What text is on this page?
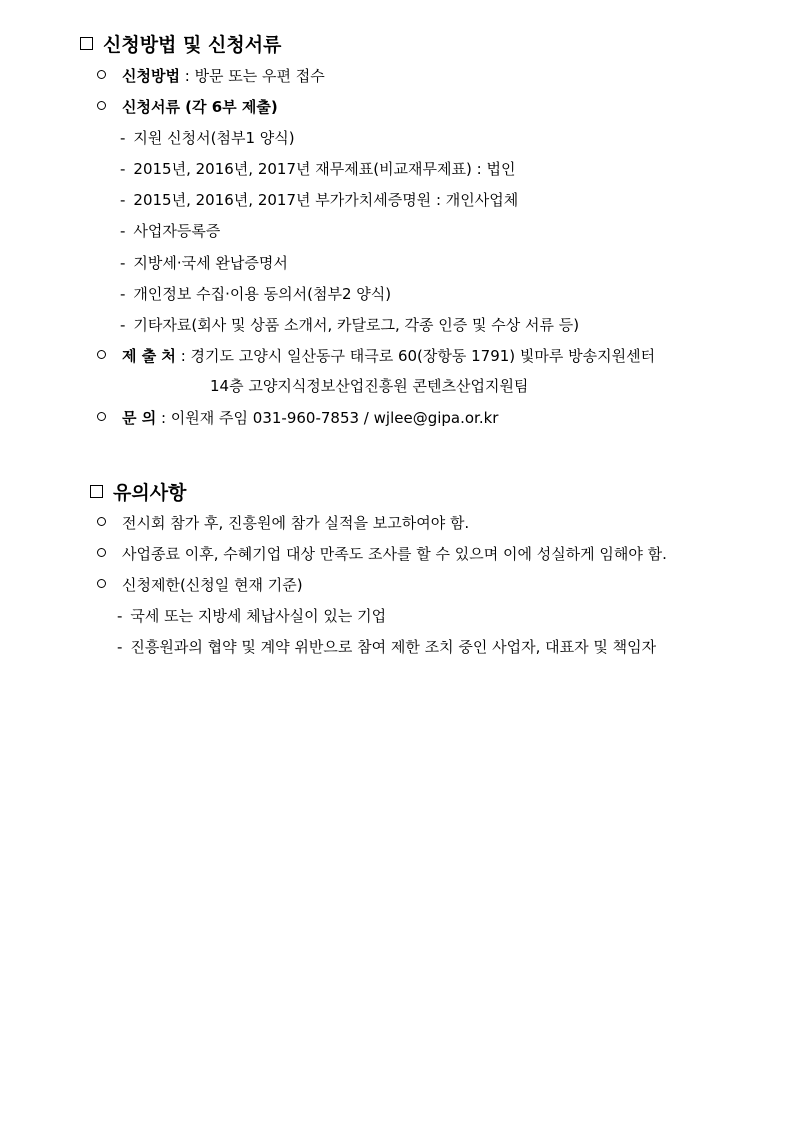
신청방법 및 신청서류
신청방법 : 방문 또는 우편 접수
신청서류 (각 6부 제출)
- 지원 신청서(첨부1 양식)
- 2015년, 2016년, 2017년 재무제표(비교재무제표) : 법인
- 2015년, 2016년, 2017년 부가가치세증명원 : 개인사업체
- 사업자등록증
- 지방세·국세 완납증명서
- 개인정보 수집·이용 동의서(첨부2 양식)
- 기타자료(회사 및 상품 소개서, 카달로그, 각종 인증 및 수상 서류 등)
제 출 처 : 경기도 고양시 일산동구 태극로 60(장항동 1791) 빛마루 방송지원센터
14층 고양지식정보산업진흥원 콘텐츠산업지원팀
문 의 : 이원재 주임 031-960-7853 / wjlee@gipa.or.kr
유의사항
전시회 참가 후, 진흥원에 참가 실적을 보고하여야 함.
사업종료 이후, 수혜기업 대상 만족도 조사를 할 수 있으며 이에 성실하게 임해야 함.
신청제한(신청일 현재 기준)
- 국세 또는 지방세 체납사실이 있는 기업
- 진흥원과의 협약 및 계약 위반으로 참여 제한 조치 중인 사업자, 대표자 및 책임자
